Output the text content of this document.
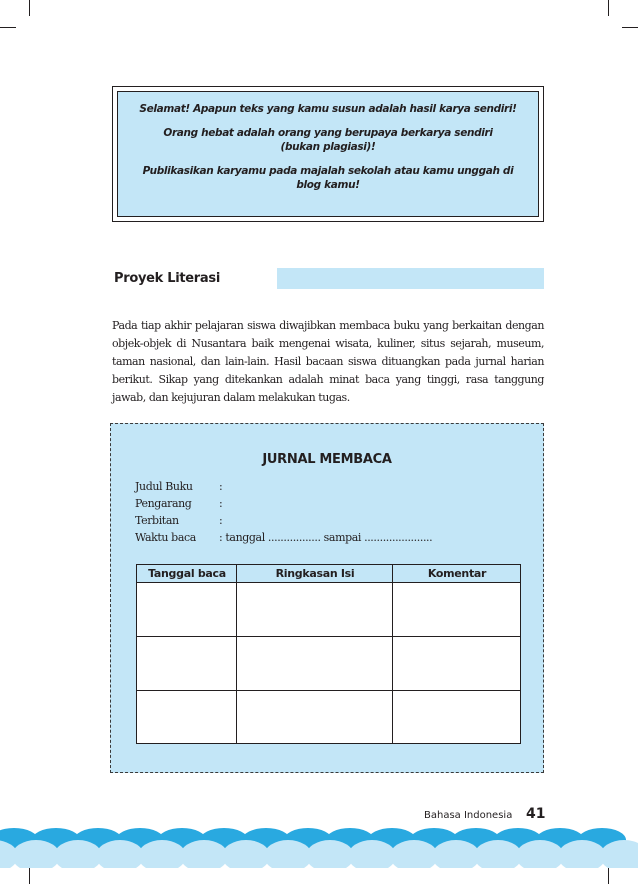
Selamat! Apapun teks yang kamu susun adalah hasil karya sendiri!

Orang hebat adalah orang yang berupaya berkarya sendiri (bukan plagiasi)!

Publikasikan karyamu pada majalah sekolah atau kamu unggah di blog kamu!

Proyek Literasi
Pada tiap akhir pelajaran siswa diwajibkan membaca buku yang berkaitan dengan objek-objek di Nusantara baik mengenai wisata, kuliner, situs sejarah, museum, taman nasional, dan lain-lain. Hasil bacaan siswa dituangkan pada jurnal harian berikut. Sikap yang ditekankan adalah minat baca yang tinggi, rasa tanggung jawab, dan kejujuran dalam melakukan tugas.
JURNAL MEMBACA
Judul Buku :
Pengarang	:
Terbitan	:
Waktu baca : tanggal ................. sampai ......................
Tanggal baca	Ringkasan Isi	Komentar
Bahasa Indonesia 41
